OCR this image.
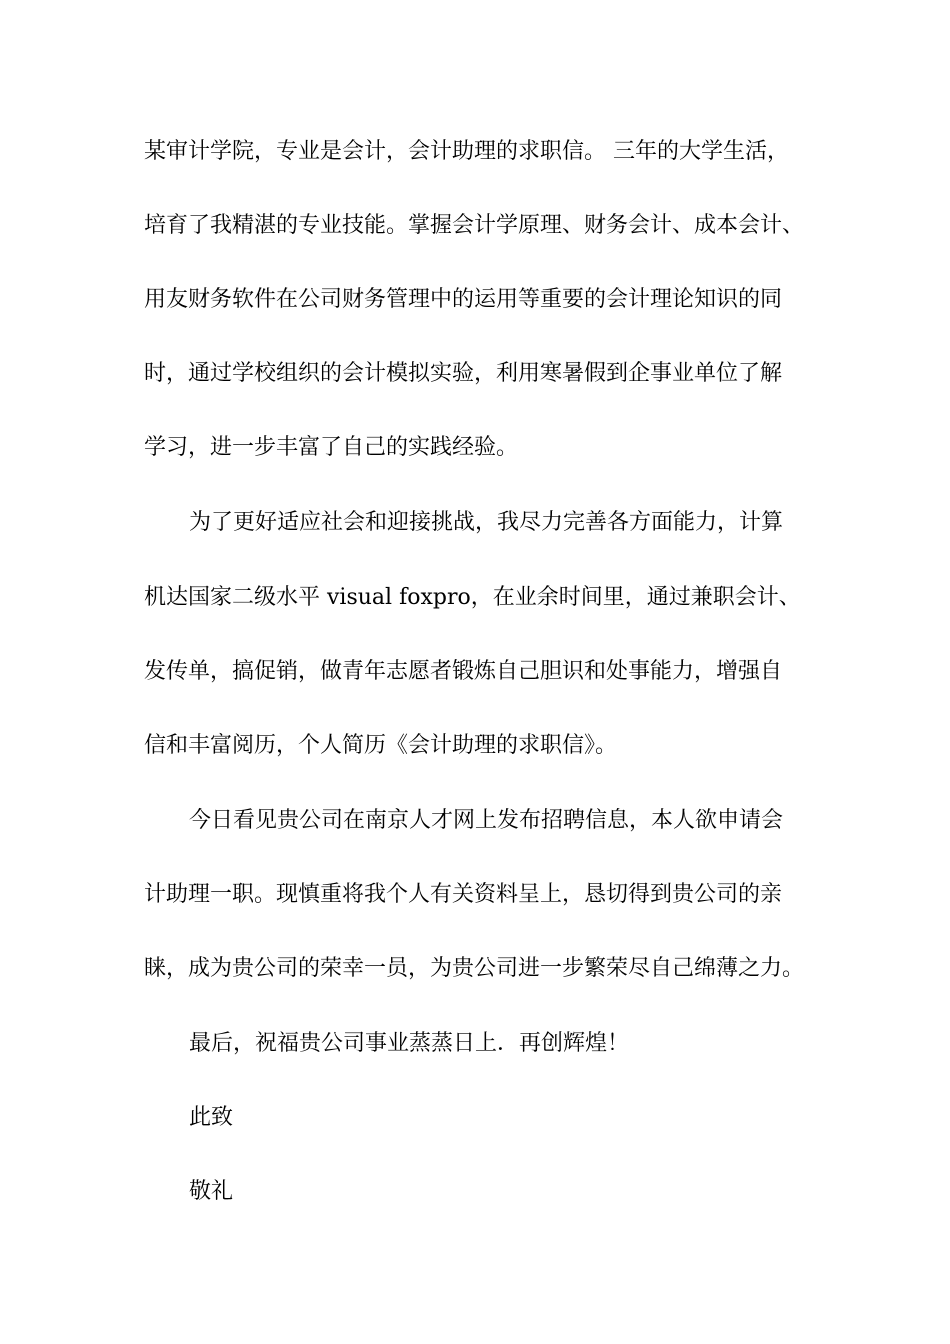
某审计学院，专业是会计，会计助理的求职信。 三年的大学生活，
培育了我精湛的专业技能。掌握会计学原理、财务会计、成本会计、
用友财务软件在公司财务管理中的运用等重要的会计理论知识的同
时，通过学校组织的会计模拟实验，利用寒暑假到企事业单位了解
学习，进一步丰富了自己的实践经验。
为了更好适应社会和迎接挑战，我尽力完善各方面能力，计算
机达国家二级水平 visual foxpro，在业余时间里，通过兼职会计、
发传单，搞促销，做青年志愿者锻炼自己胆识和处事能力，增强自
信和丰富阅历，个人简历《会计助理的求职信》。
今日看见贵公司在南京人才网上发布招聘信息，本人欲申请会
计助理一职。现慎重将我个人有关资料呈上，恳切得到贵公司的亲
睐，成为贵公司的荣幸一员，为贵公司进一步繁荣尽自己绵薄之力。
最后，祝福贵公司事业蒸蒸日上．再创辉煌！
此致
敬礼
